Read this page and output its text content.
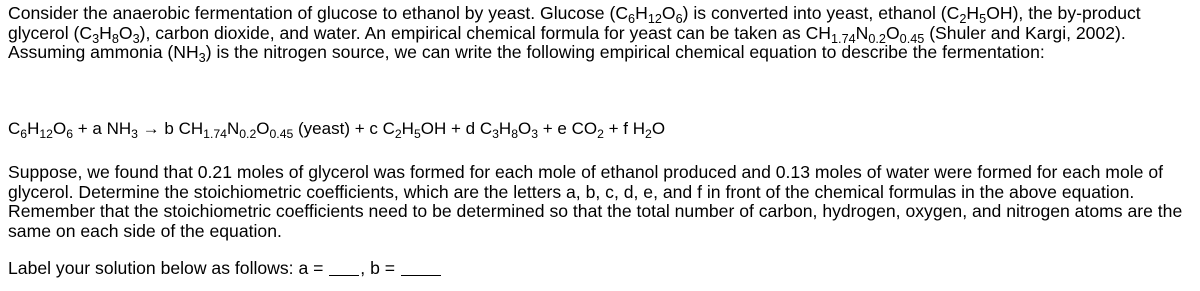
Consider the anaerobic fermentation of glucose to ethanol by yeast. Glucose $(C_6H_{12}O_6)$ is converted into yeast, ethanol $(C_2H_5OH)$, the by-product glycerol $(C_3H_8O_3)$, carbon dioxide, and water. An empirical chemical formula for yeast can be taken as $CH_{1.74}N_{0.2}O_{0.45}$ (Shuler and Kargi, 2002). Assuming ammonia $(NH_3)$ is the nitrogen source, we can write the following empirical chemical equation to describe the fermentation:

$C_6H_{12}O_6 + a$ $NH_3 \to b$ $CH_{1.74}N_{0.2}O_{0.45}$ (yeast) + c $C_2H_5OH + d$ $C_3H_8O_3 + e$ $CO_2 + f$ $H_2O$

Suppose, we found that 0.21 moles of glycerol was formed for each mole of ethanol produced and 0.13 moles of water were formed for each mole of glycerol. Determine the stoichiometric coefficients, which are the letters a, b, c, d, e, and f in front of the chemical formulas in the above equation. Remember that the stoichiometric coefficients need to be determined so that the total number of carbon, hydrogen, oxygen, and nitrogen atoms are the same on each side of the equation.

Label your solution below as follows: a = , b =
